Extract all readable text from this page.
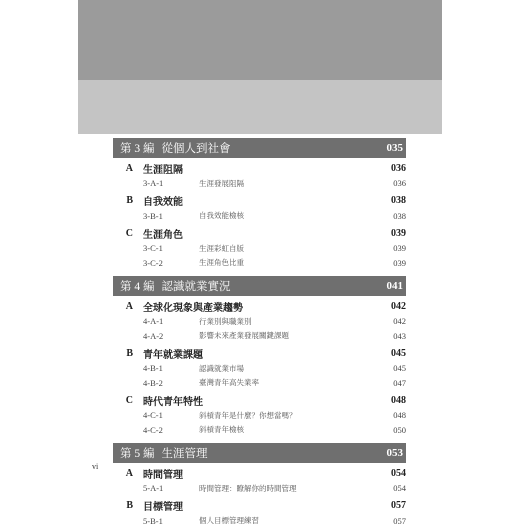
第 3 編 從個人到社會	035
A	生涯阻隔	036
3-A-1	生涯發展阻隔	036
B	自我效能	038
3-B-1	自我效能檢核	038
C	生涯角色	039
3-C-1	生涯彩虹自版	039
3-C-2	生涯角色比重	039
第 4 編 認識就業實況	041
A	全球化現象與產業趨勢	042
4-A-1	行業別與職業別	042
4-A-2	影響未來產業發展關鍵課題	043
B	青年就業課題	045
4-B-1	認識就業市場	045
4-B-2	臺灣青年高失業率	047
C	時代青年特性	048
4-C-1	斜槓青年是什麼？你想當嗎？	048
4-C-2	斜槓青年檢核	050
第 5 編 生涯管理	053
A	時間管理	054
5-A-1	時間管理：瞭解你的時間管理	054
B	目標管理	057
5-B-1	個人目標管理練習	057
vi
